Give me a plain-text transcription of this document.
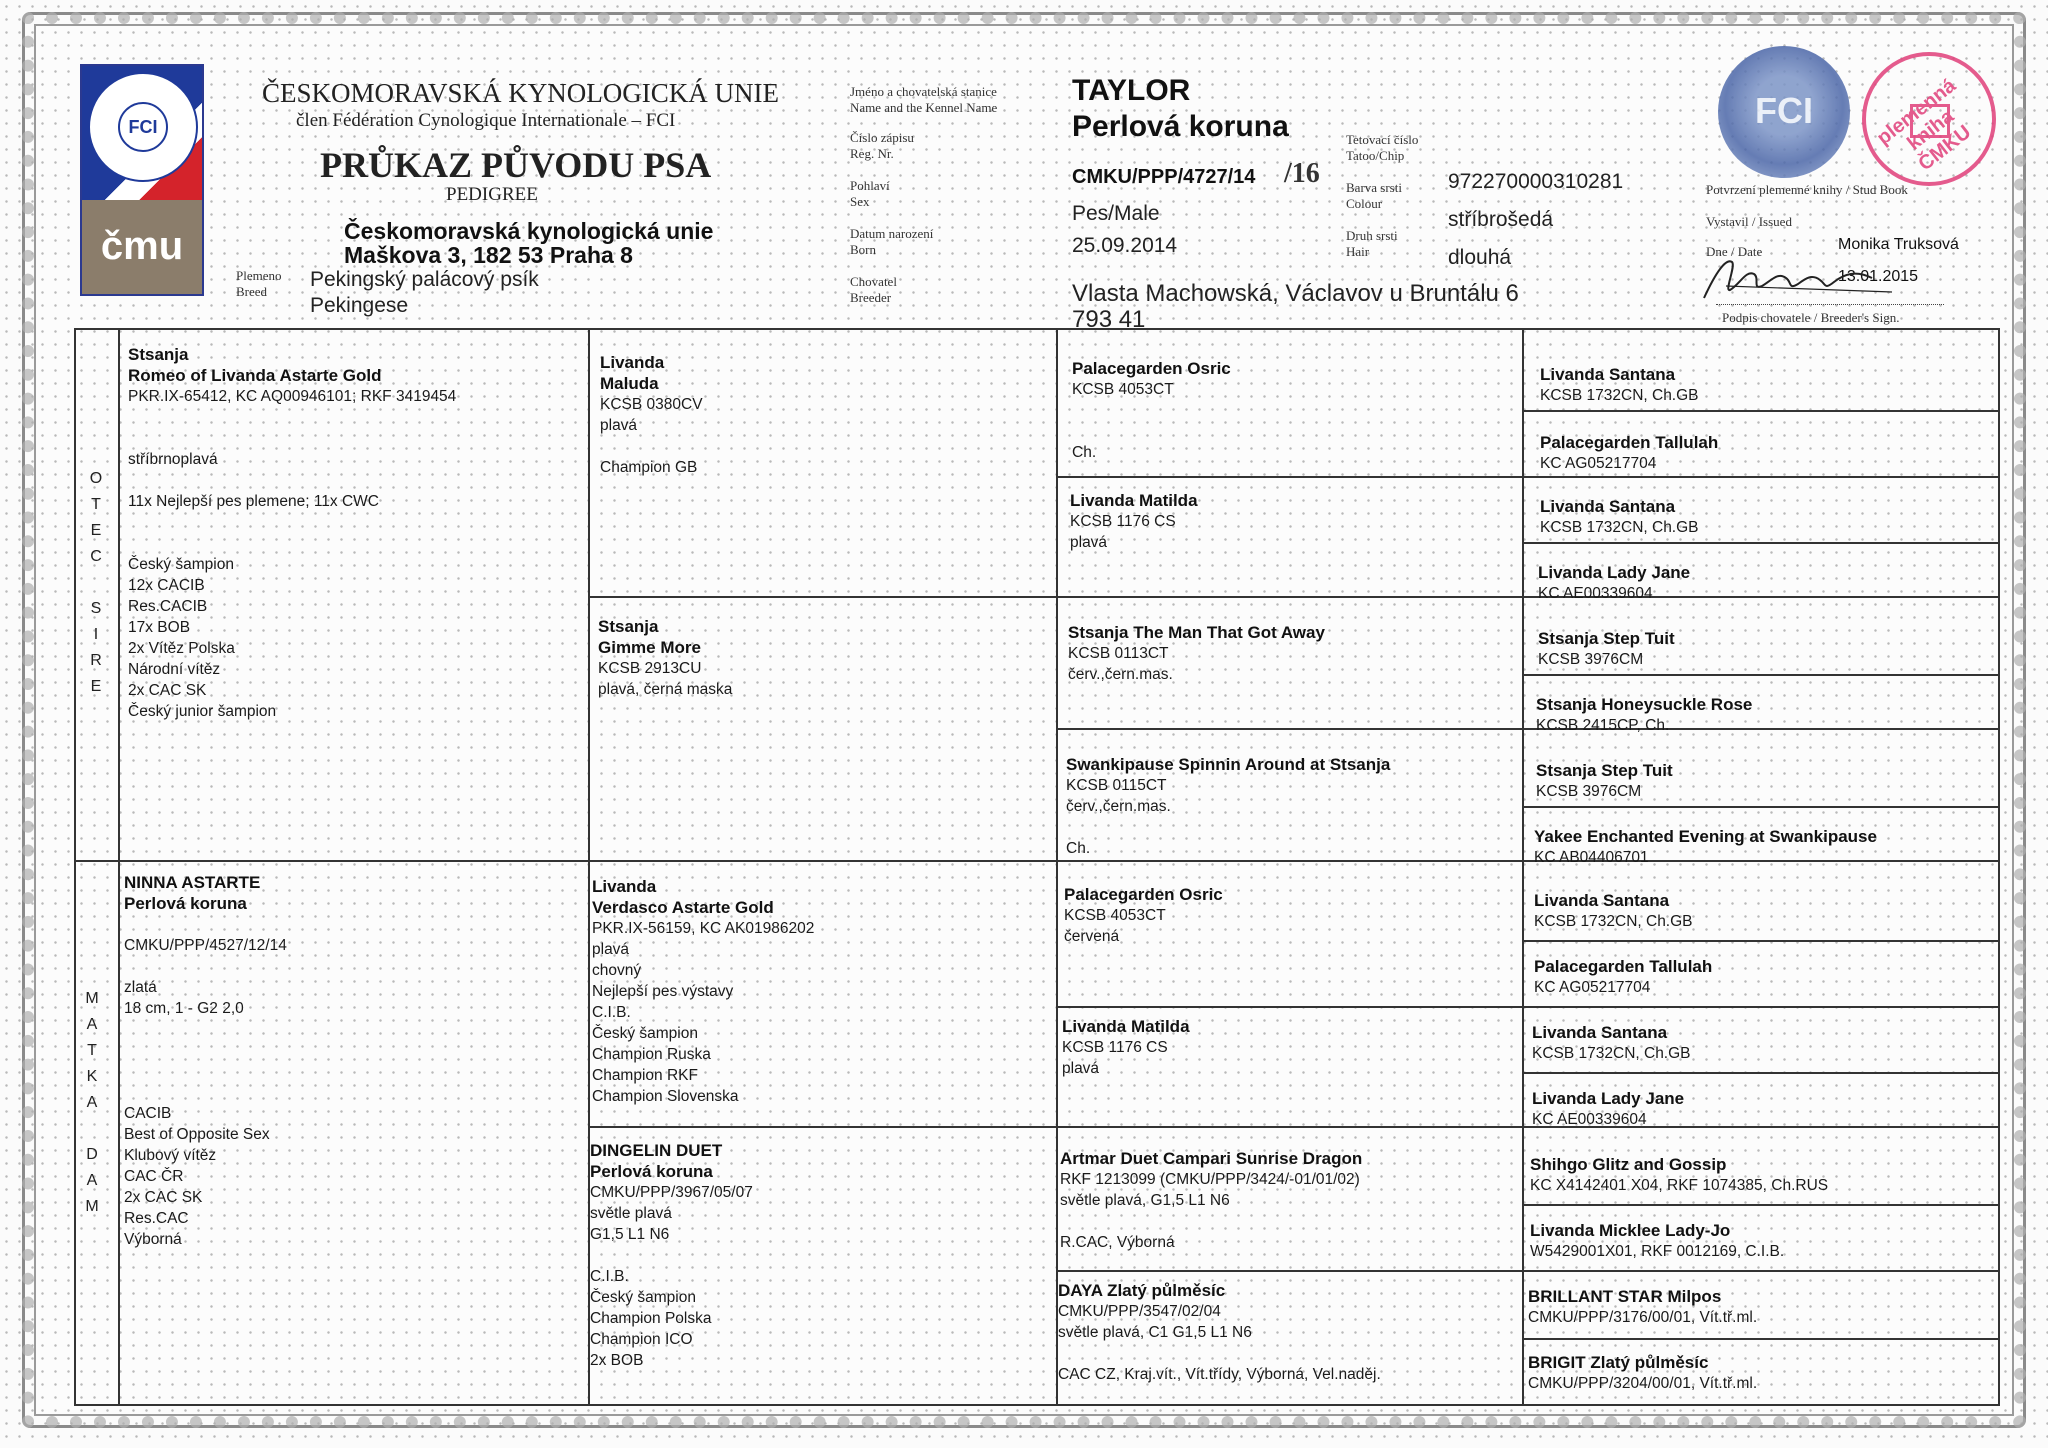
FCI
čmu
ČESKOMORAVSKÁ KYNOLOGICKÁ UNIE
člen Fédération Cynologique Internationale – FCI
PRŮKAZ PŮVODU PSA
PEDIGREE
Českomoravská kynologická unie
Maškova 3, 182 53 Praha 8
Plemeno
Breed
Pekingský palácový psík
Pekingese
Jméno a chovatelská stanice
Name and the Kennel Name
Číslo zápisu
Reg. Nr.
Pohlaví
Sex
Datum narození
Born
Chovatel
Breeder
TAYLOR
Perlová koruna
CMKU/PPP/4727/14 /16
Pes/Male
25.09.2014
Vlasta Machowská, Václavov u Bruntálu 6
793 41
Tetovací číslo
Tatoo/Chip
Barva srsti
Colour
Druh srsti
Hair
972270000310281
stříbrošedá
dlouhá
FCI	plemenná kniha ČMKU
Potvrzení plemenné knihy / Stud Book
Vystavil / Issued
Dne / Date	Monika Truksová
13.01.2015
Podpis chovatele / Breeder's Sign.
O
T
E
C
S
I
R
E
M
A
T
K
A
D
A
M
Stsanja
Romeo of Livanda Astarte Gold
PKR.IX-65412, KC AQ00946101; RKF 3419454

stříbrnoplavá

11x Nejlepší pes plemene; 11x CWC

Český šampion
12x CACIB
Res.CACIB
17x BOB
2x Vítěz Polska
Národní vítěz
2x CAC SK
Český junior šampion
NINNA ASTARTE
Perlová koruna

CMKU/PPP/4527/12/14

zlatá
18 cm, 1 - G2 2,0

CACIB
Best of Opposite Sex
Klubový vítěz
CAC ČR
2x CAC SK
Res.CAC
Výborná
Livanda
Maluda
KCSB 0380CV
plavá

Champion GB
Stsanja
Gimme More
KCSB 2913CU
plavá, černá maska
Livanda
Verdasco Astarte Gold
PKR.IX-56159, KC AK01986202
plavá
chovný
Nejlepší pes výstavy
C.I.B.
Český šampion
Champion Ruska
Champion RKF
Champion Slovenska
DINGELIN DUET
Perlová koruna
CMKU/PPP/3967/05/07
světle plavá
G1,5 L1 N6

C.I.B.
Český šampion
Champion Polska
Champion ICO
2x BOB
Palacegarden Osric
KCSB 4053CT

Ch.
Livanda Matilda
KCSB 1176 CS
plavá
Stsanja The Man That Got Away
KCSB 0113CT
červ.,čern.mas.
Swankipause Spinnin Around at Stsanja
KCSB 0115CT
červ.,čern.mas.

Ch.
Palacegarden Osric
KCSB 4053CT
červená
Livanda Matilda
KCSB 1176 CS
plavá
Artmar Duet Campari Sunrise Dragon
RKF 1213099 (CMKU/PPP/3424/-01/01/02)
světle plavá, G1,5 L1 N6

R.CAC, Výborná
DAYA Zlatý půlměsíc
CMKU/PPP/3547/02/04
světle plavá, C1 G1,5 L1 N6

CAC CZ, Kraj.vít., Vít.třídy, Výborná, Vel.naděj.
Livanda Santana
KCSB 1732CN, Ch.GB
Palacegarden Tallulah
KC AG05217704
Livanda Santana
KCSB 1732CN, Ch.GB
Livanda Lady Jane
KC AE00339604
Stsanja Step Tuit
KCSB 3976CM
Stsanja Honeysuckle Rose
KCSB 2415CP, Ch.
Stsanja Step Tuit
KCSB 3976CM
Yakee Enchanted Evening at Swankipause
KC AB04406701
Livanda Santana
KCSB 1732CN, Ch.GB
Palacegarden Tallulah
KC AG05217704
Livanda Santana
KCSB 1732CN, Ch.GB
Livanda Lady Jane
KC AE00339604
Shihgo Glitz and Gossip
KC X4142401 X04, RKF 1074385, Ch.RUS
Livanda Micklee Lady-Jo
W5429001X01, RKF 0012169, C.I.B.
BRILLANT STAR Milpos
CMKU/PPP/3176/00/01, Vít.tř.ml.
BRIGIT Zlatý půlměsíc
CMKU/PPP/3204/00/01, Vít.tř.ml.
